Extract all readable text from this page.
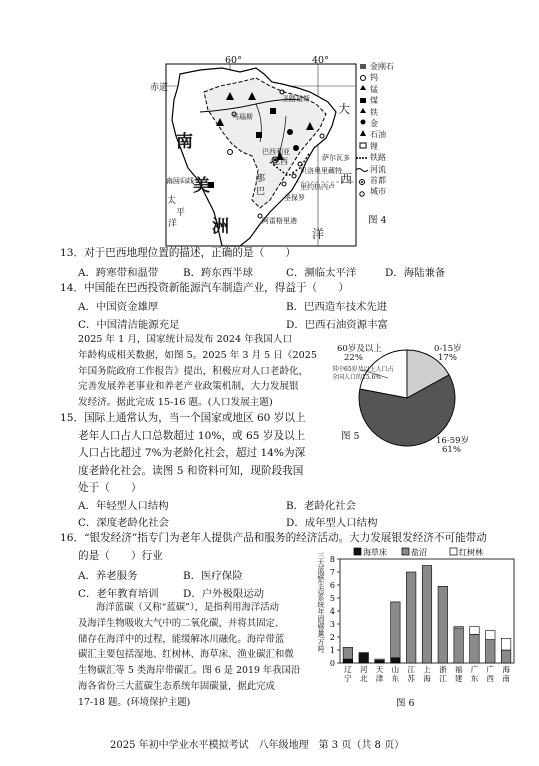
60°	40°
赤道
南
美
洲
大
西
洋
太
平
洋
南回归线
圣路易斯
巴西利亚
贝洛奥里藏特
里约热内卢
圣保罗
阿雷格里港
萨尔瓦多
马瑙斯
巴西
那
巴
金刚石
钨
锰
煤
铁
金
石油
锂
铁路
河流
首都
城市
图 4
13．对于巴西地理位置的描述，正确的是（　　）
A．跨寒带和温带 B．跨东西半球	C．濒临太平洋	D．海陆兼备
14．中国能在巴西投资新能源汽车制造产业，得益于（　　）
A．中国资金雄厚	B．巴西造车技术先进
C．中国清洁能源充足	D．巴西石油资源丰富
2025 年 1 月，国家统计局发布 2024 年我国人口
年龄构成相关数据，如图 5。2025 年 3 月 5 日《2025
年国务院政府工作报告》提出，积极应对人口老龄化，
完善发展养老事业和养老产业政策机制，大力发展银
发经济。据此完成 15-16 题。(人口发展主题)
60岁及以上
22%
0-15岁
17%
16-59岁
61%
其中65岁及以上人口占
全国人口的15.6%
图 5
15．国际上通常认为，当一个国家或地区 60 岁以上
老年人口占人口总数超过 10%，或 65 岁及以上
人口占比超过 7%为老龄化社会，超过 14%为深
度老龄化社会。读图 5 和资料可知，现阶段我国
处于（　　）
A．年轻型人口结构	B．老龄化社会
C．深度老龄化社会	D．成年型人口结构
16．“银发经济”指专门为老年人提供产品和服务的经济活动。大力发展银发经济不可能带动
的是（　　）行业
A．养老服务	B．医疗保险
C．老年教育培训 D．户外极限运动
海洋蓝碳（又称“蓝碳”），是指利用海洋活动
及海洋生物吸收大气中的二氧化碳，并将其固定、
储存在海洋中的过程，能缓解冰川融化。海岸带蓝
碳汇主要包括湿地、红树林、海草床、渔业碳汇和微
生物碳汇等 5 类海岸带碳汇。图 6 是 2019 年我国沿
海各省份三大蓝碳生态系统年固碳量，据此完成
17-18 题。(环境保护主题)
0
1
2
3
4
5
6
7
8
辽宁
河北
天津
山东
江苏
上海
浙江
福建
广东
广西
海南
海草床	盐沼	红树林
三大蓝碳生态系统年固碳量/万吨
图 6
2025 年初中学业水平模拟考试　八年级地理　第 3 页（共 8 页）
